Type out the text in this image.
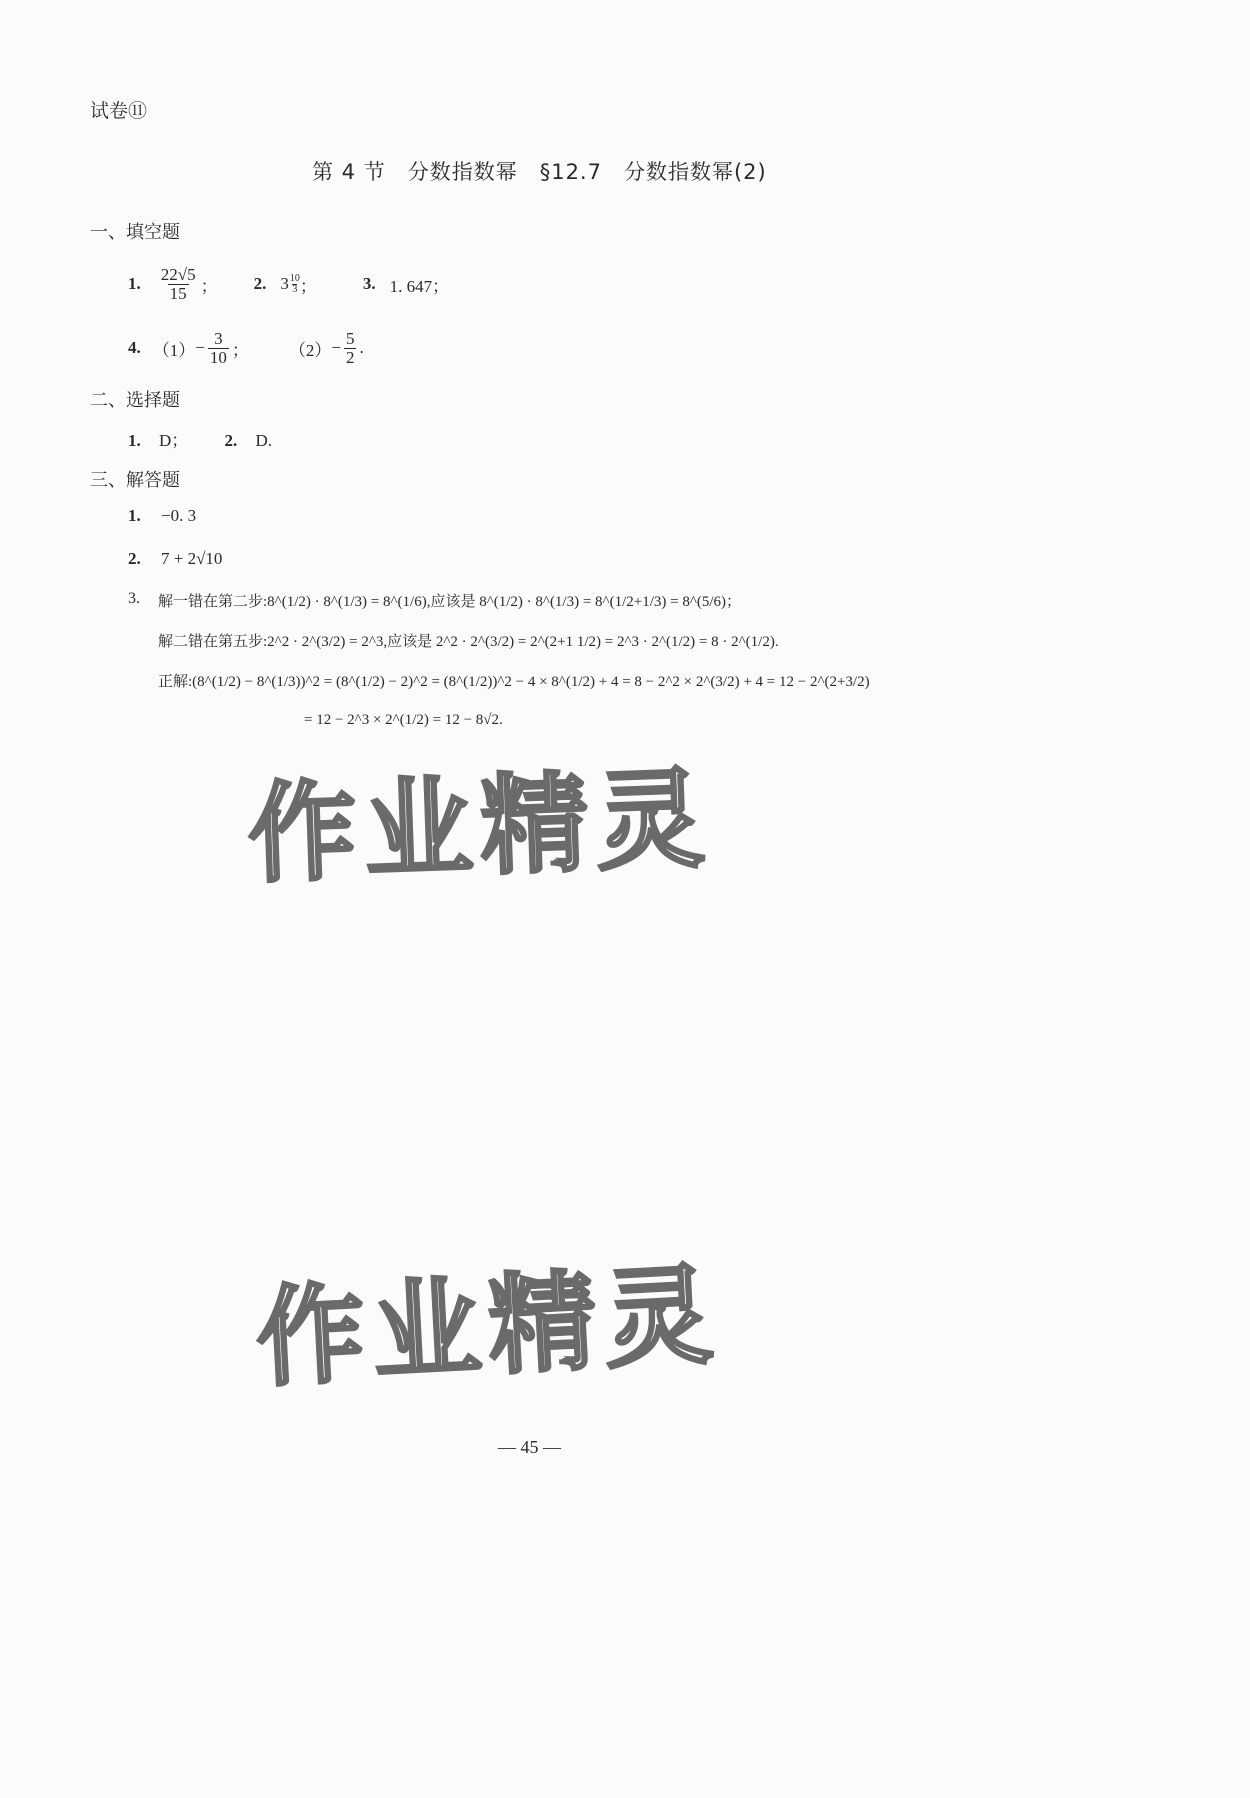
试卷⑪
第 4 节　分数指数幂　§12.7　分数指数幂(2)
一、填空题
1. $\frac{22√5}{15}$ ； 2. $3 \frac{10}{3}$ ；	3. 1. 647；
4. $(1) - \frac{3}{10}$ ； $(2) - \frac{5}{2}$ .
二、选择题
1. D； 2. D.
三、解答题
1. −0. 3
2. 7 + 2√10
3. 解一错在第二步:8^(1/2) · 8^(1/3) = 8^(1/6),应该是 8^(1/2) · 8^(1/3) = 8^(1/2+1/3) = 8^(5/6)；
解二错在第五步:2^2 · 2^(3/2) = 2^3,应该是 2^2 · 2^(3/2) = 2^(2+1 1/2) = 2^3 · 2^(1/2) = 8 · 2^(1/2).
正解:(8^(1/2) − 8^(1/3))^2 = (8^(1/2) − 2)^2 = (8^(1/2))^2 − 4 × 8^(1/2) + 4 = 8 − 2^2 × 2^(3/2) + 4 = 12 − 2^(2+3/2)
= 12 − 2^3 × 2^(1/2) = 12 − 8√2.
作业精灵
作业精灵
— 45 —
